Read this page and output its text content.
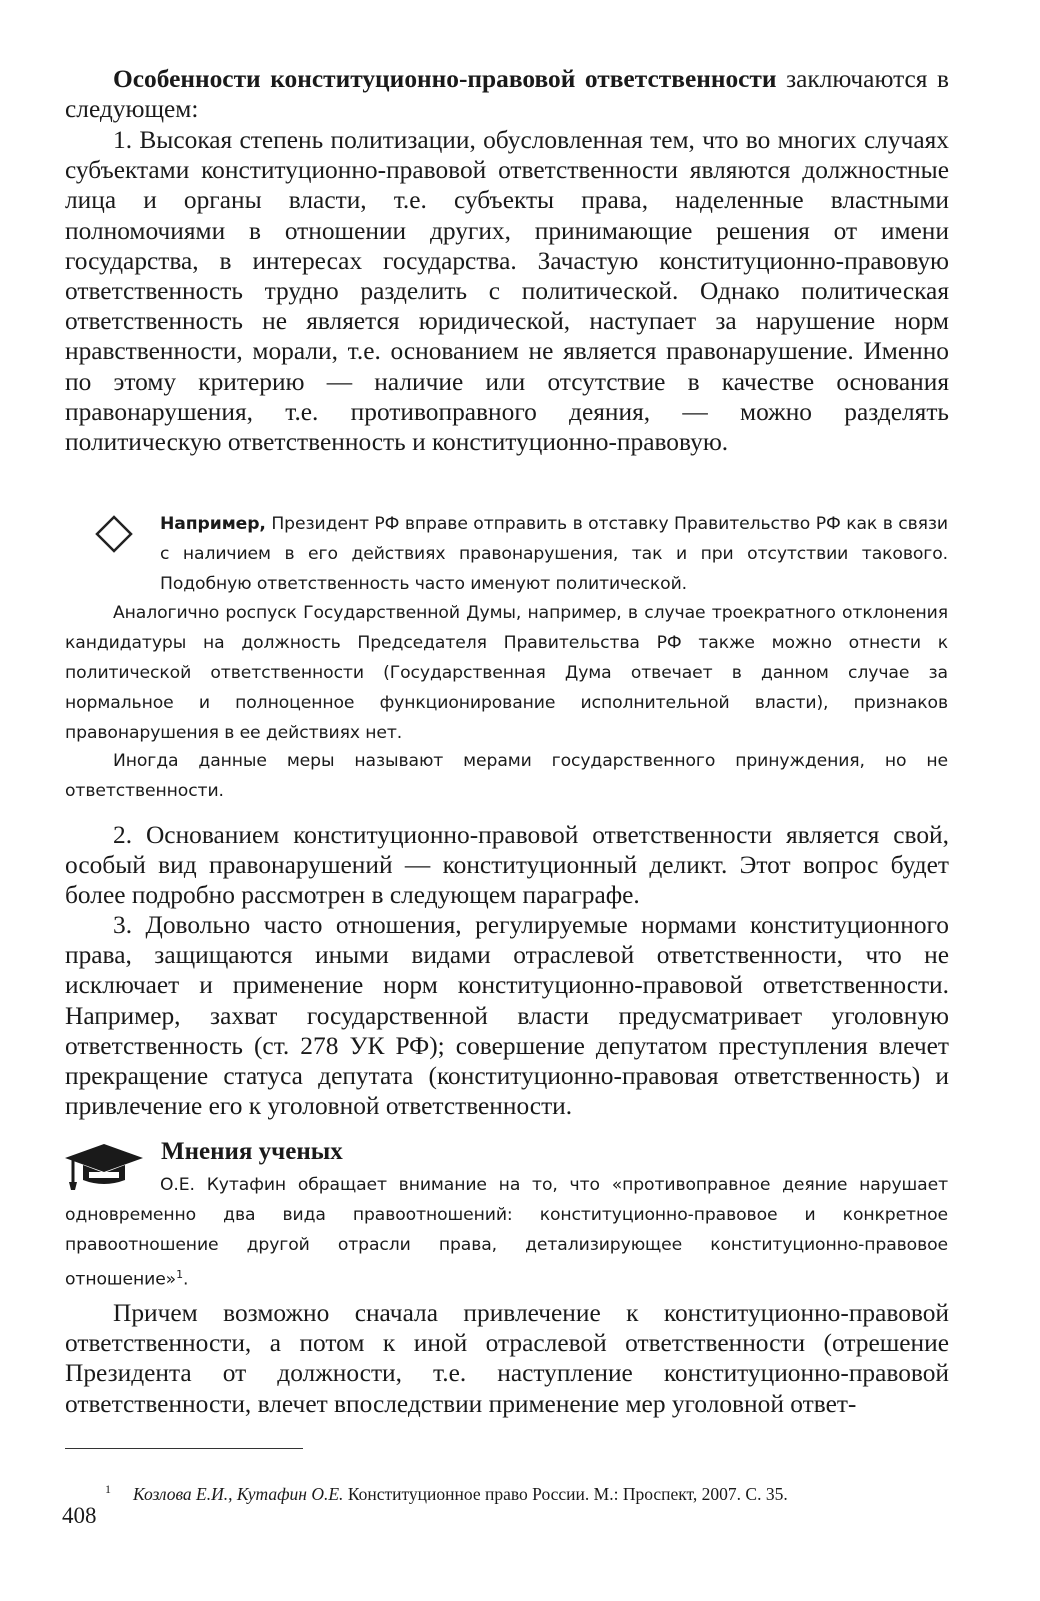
Особенности конституционно-правовой ответственности заключаются в следующем:

1. Высокая степень политизации, обусловленная тем, что во многих случаях субъектами конституционно-правовой ответственности являются должностные лица и органы власти, т.е. субъекты права, наделенные властными полномочиями в отношении других, принимающие решения от имени государства, в интересах государства. Зачастую конституционно-правовую ответственность трудно разделить с политической. Однако политическая ответственность не является юридической, наступает за нарушение норм нравственности, морали, т.е. основанием не является правонарушение. Именно по этому критерию — наличие или отсутствие в качестве основания правонарушения, т.е. противоправного деяния, — можно разделять политическую ответственность и конституционно-правовую.

Например, Президент РФ вправе отправить в отставку Правительство РФ как в связи с наличием в его действиях правонарушения, так и при отсутствии такового. Подобную ответственность часто именуют политической.

Аналогично роспуск Государственной Думы, например, в случае троекратного отклонения кандидатуры на должность Председателя Правительства РФ также можно отнести к политической ответственности (Государственная Дума отвечает в данном случае за нормальное и полноценное функционирование исполнительной власти), признаков правонарушения в ее действиях нет.

Иногда данные меры называют мерами государственного принуждения, но не ответственности.

2. Основанием конституционно-правовой ответственности является свой, особый вид правонарушений — конституционный деликт. Этот вопрос будет более подробно рассмотрен в следующем параграфе.

3. Довольно часто отношения, регулируемые нормами конституционного права, защищаются иными видами отраслевой ответственности, что не исключает и применение норм конституционно-правовой ответственности. Например, захват государственной власти предусматривает уголовную ответственность (ст. 278 УК РФ); совершение депутатом преступления влечет прекращение статуса депутата (конституционно-правовая ответственность) и привлечение его к уголовной ответственности.

Мнения ученых

О.Е. Кутафин обращает внимание на то, что «противоправное деяние нарушает одновременно два вида правоотношений: конституционно-правовое и конкретное правоотношение другой отрасли права, детализирующее конституционно-правовое отношение»$^1$.

Причем возможно сначала привлечение к конституционно-правовой ответственности, а потом к иной отраслевой ответственности (отрешение Президента от должности, т.е. наступление конституционно-правовой ответственности, влечет впоследствии применение мер уголовной ответ-

$^1$ Козлова Е.И., Кутафин О.Е. Конституционное право России. М.: Проспект, 2007. С. 35.

408
